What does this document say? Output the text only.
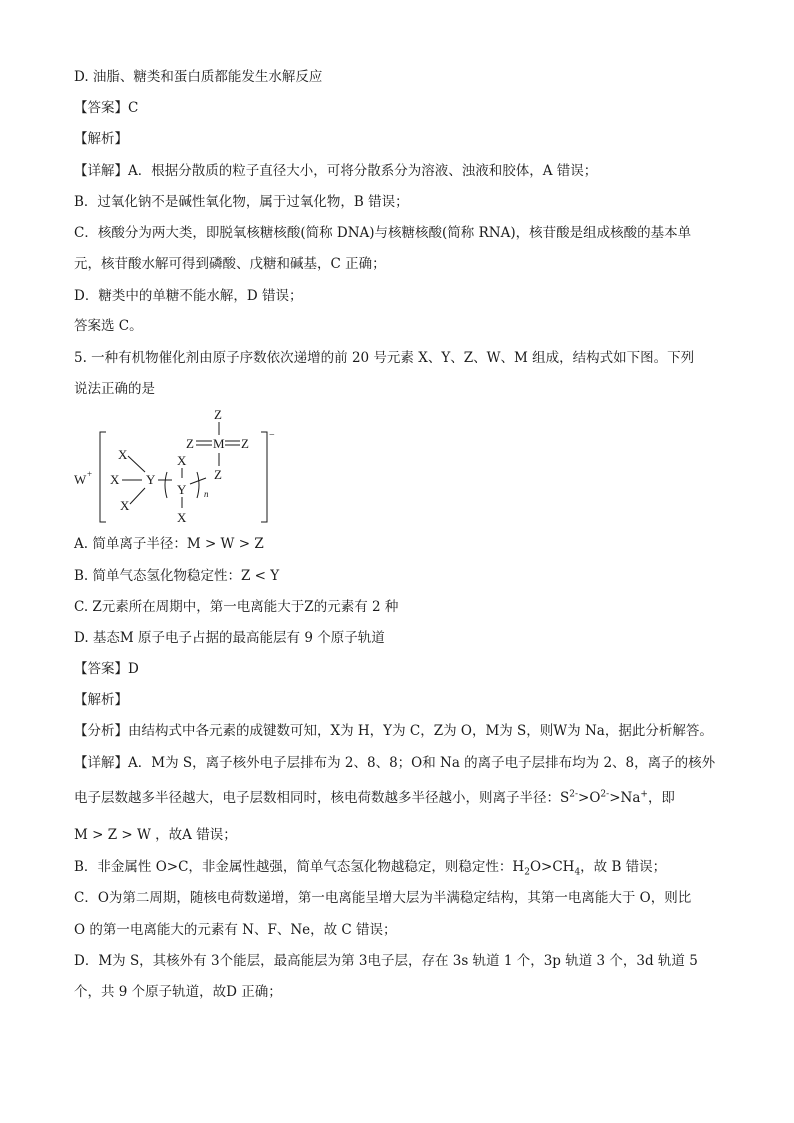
D. 油脂、糖类和蛋白质都能发生水解反应
【答案】C
【解析】
【详解】A．根据分散质的粒子直径大小，可将分散系分为溶液、浊液和胶体，A 错误；
B．过氧化钠不是碱性氧化物，属于过氧化物，B 错误；
C．核酸分为两大类，即脱氧核糖核酸(简称 DNA)与核糖核酸(简称 RNA)，核苷酸是组成核酸的基本单
元，核苷酸水解可得到磷酸、戊糖和碱基，C 正确；
D．糖类中的单糖不能水解，D 错误；
答案选 C。
5. 一种有机物催化剂由原子序数依次递增的前 20 号元素 X、Y、Z、W、M 组成，结构式如下图。下列
说法正确的是
W +
−
X
X
X
Y
X
Y
X
n
Z
Z M Z
Z
A. 简单离子半径：M > W > Z
B. 简单气态氢化物稳定性：Z < Y
C. Z元素所在周期中，第一电离能大于Z的元素有 2 种
D. 基态M 原子电子占据的最高能层有 9 个原子轨道
【答案】D
【解析】
【分析】由结构式中各元素的成键数可知，X为 H，Y为 C，Z为 O，M为 S，则W为 Na，据此分析解答。
【详解】A．M为 S，离子核外电子层排布为 2、8、8；O和 Na 的离子电子层排布均为 2、8，离子的核外
电子层数越多半径越大，电子层数相同时，核电荷数越多半径越小，则离子半径：$S^{2-}>O^{2-}>Na^+$，即
M > Z > W ，故A 错误；
B．非金属性 O>C，非金属性越强，简单气态氢化物越稳定，则稳定性：$H_2O>CH_4$，故 B 错误；
C．O为第二周期，随核电荷数递增，第一电离能呈增大层为半满稳定结构，其第一电离能大于 O，则比
O 的第一电离能大的元素有 N、F、Ne，故 C 错误；
D．M为 S，其核外有 3个能层，最高能层为第 3电子层，存在 3s 轨道 1 个，3p 轨道 3 个，3d 轨道 5
个，共 9 个原子轨道，故D 正确；
